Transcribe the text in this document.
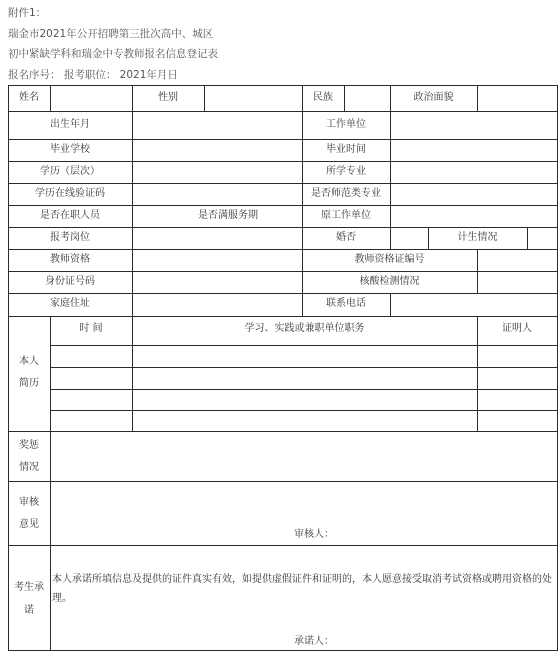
附件1：
瑞金市2021年公开招聘第三批次高中、城区
初中紧缺学科和瑞金中专教师报名信息登记表
报名序号： 报考职位： 2021年月日
姓名	性别	民族	政治面貌
出生年月	工作单位
毕业学校	毕业时间
学历（层次）	所学专业
学历在线验证码	是否师范类专业
是否在职人员	是否满服务期	原工作单位
报考岗位	婚否	计生情况
教师资格	教师资格证编号
身份证号码	核酸检测情况
家庭住址	联系电话
本人
简历
时 间	学习、实践或兼职单位职务	证明人
奖惩
情况
审核
意见
审核人：
考生承
诺
本人承诺所填信息及提供的证件真实有效，如提供虚假证件和证明的，本人愿意接受取消考试资格或聘用资格的处理。
承诺人：
